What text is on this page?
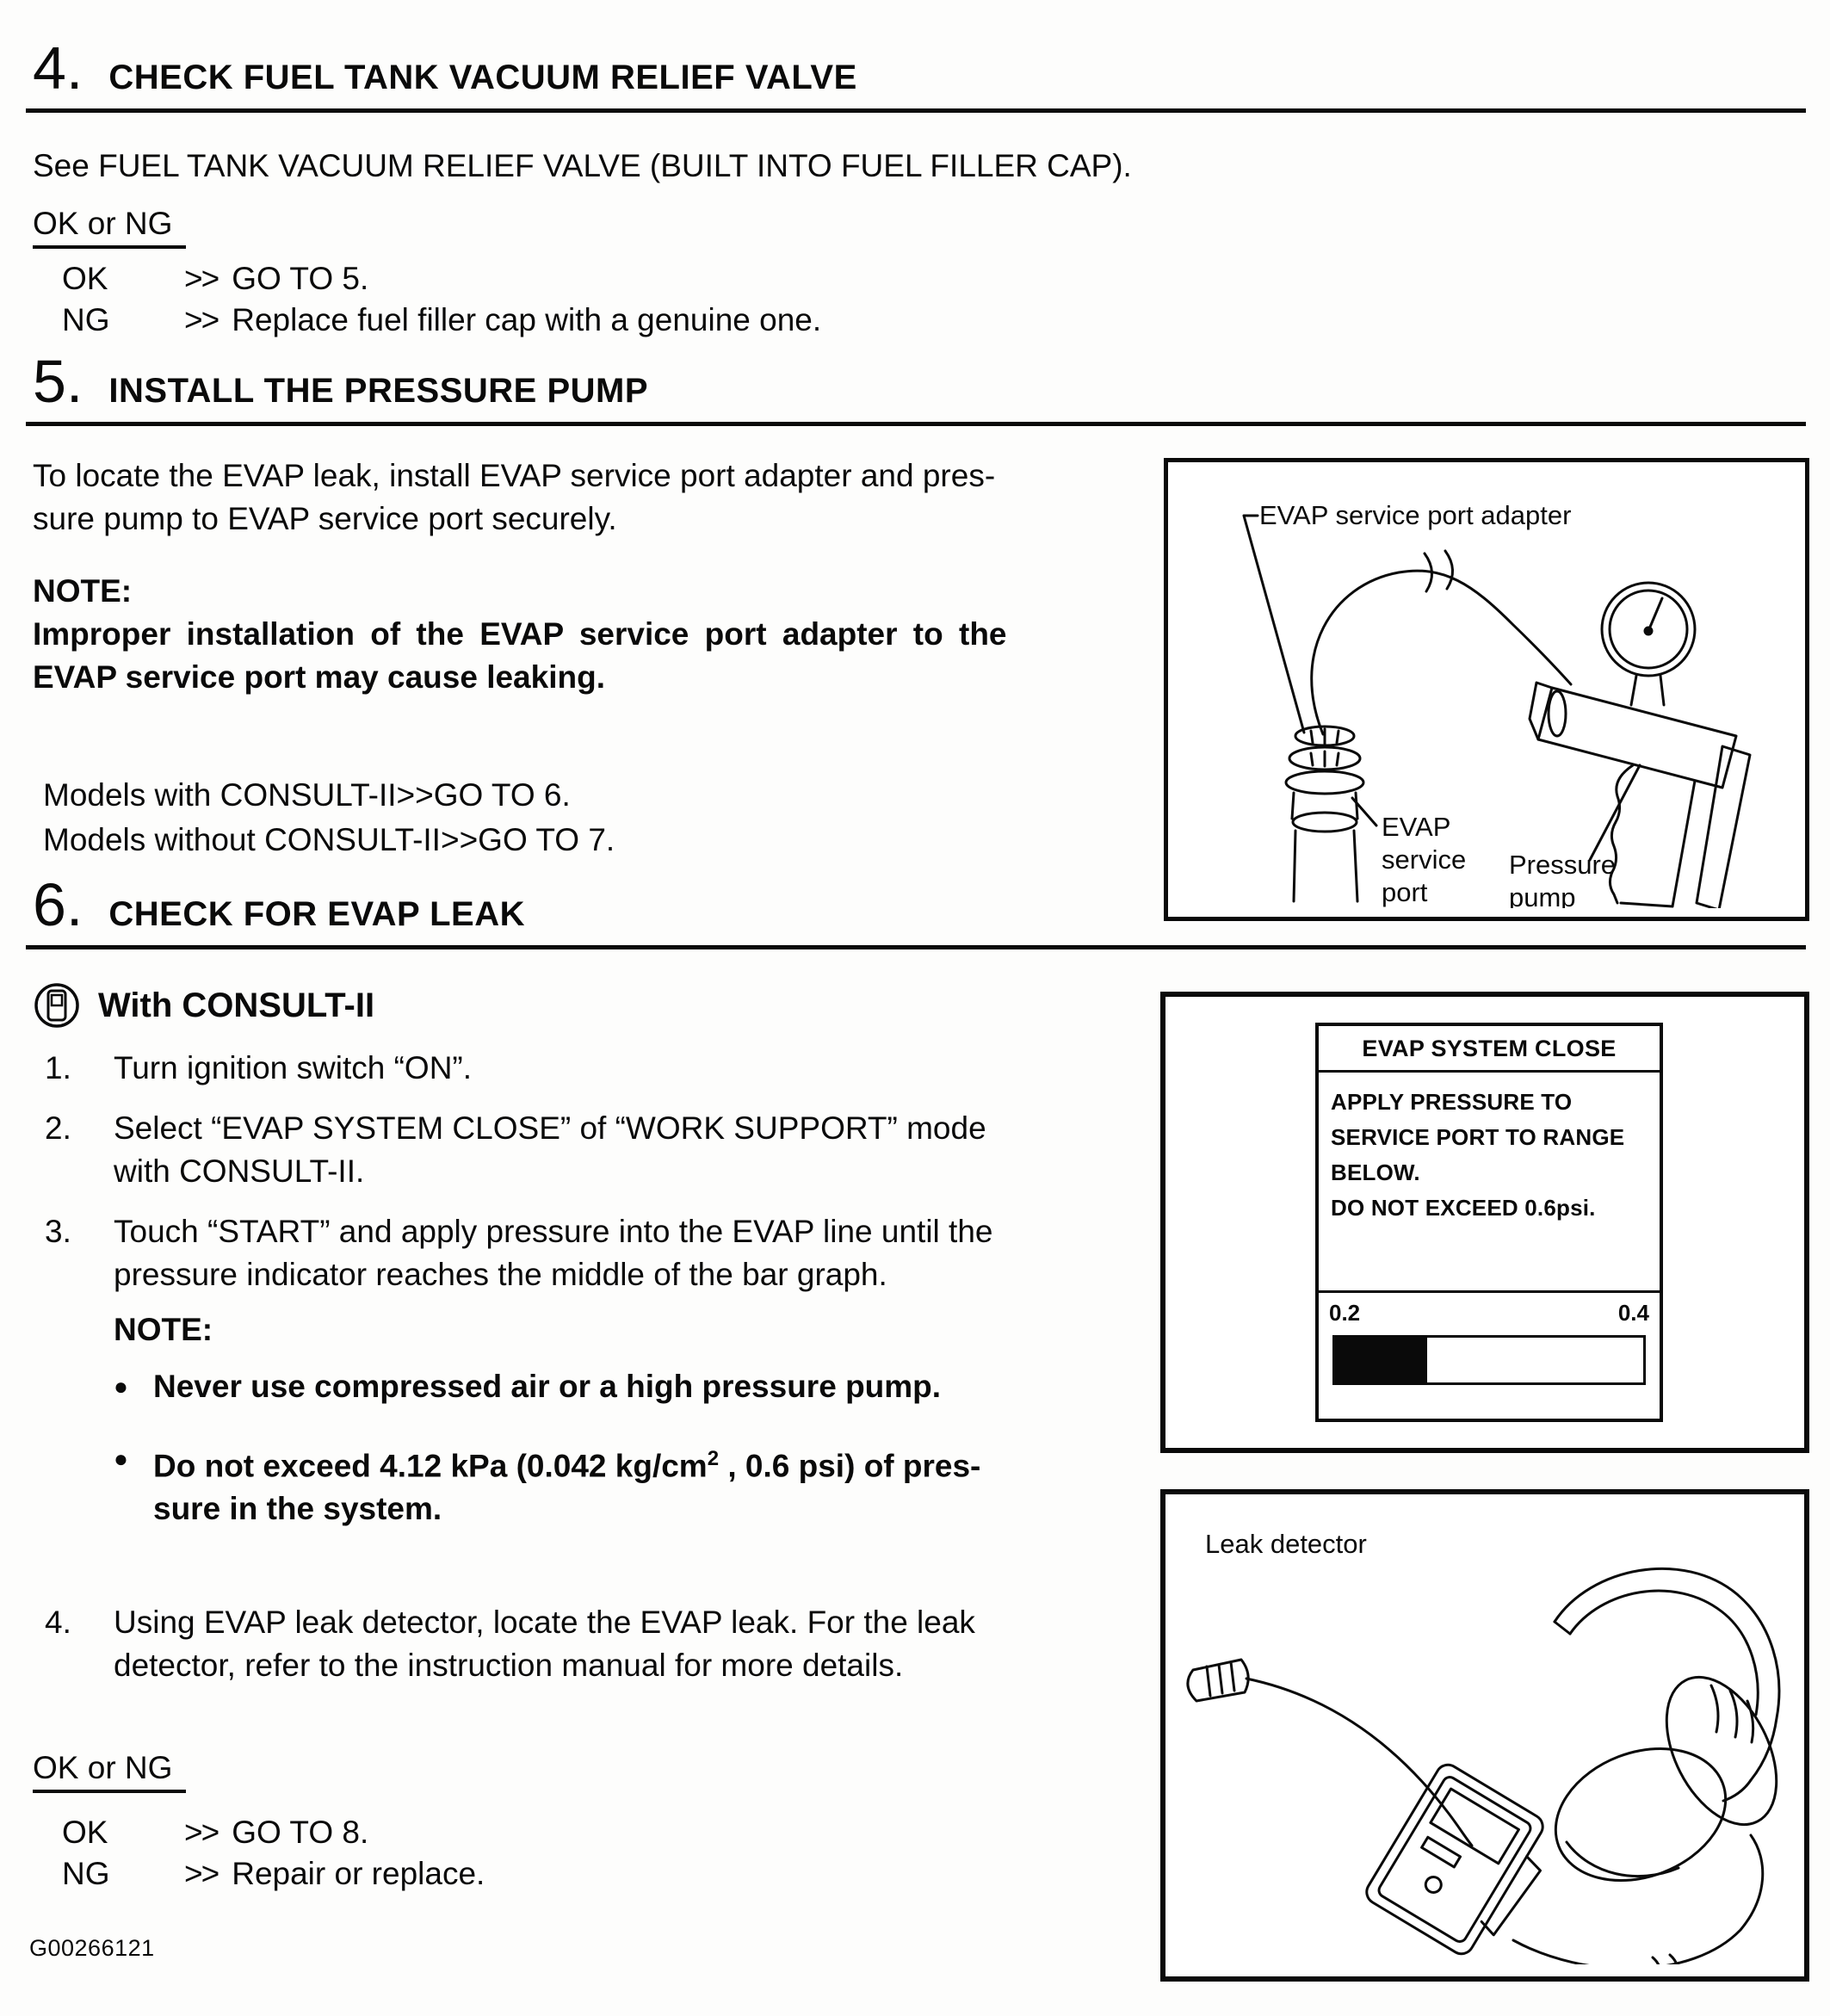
4. CHECK FUEL TANK VACUUM RELIEF VALVE
See FUEL TANK VACUUM RELIEF VALVE (BUILT INTO FUEL FILLER CAP).
OK or NG
OK	>> GO TO 5.
NG	>> Replace fuel filler cap with a genuine one.
5. INSTALL THE PRESSURE PUMP
To locate the EVAP leak, install EVAP service port adapter and pres-
sure pump to EVAP service port securely.
NOTE:
Improper installation of the EVAP service port adapter to the
EVAP service port may cause leaking.
Models with CONSULT-II>>GO TO 6.
Models without CONSULT-II>>GO TO 7.
EVAP service port adapter
EVAP
service
port
Pressure
pump
6. CHECK FOR EVAP LEAK
With CONSULT-II
1.	Turn ignition switch “ON”.
2.	Select “EVAP SYSTEM CLOSE” of “WORK SUPPORT” mode
with CONSULT-II.
3.	Touch “START” and apply pressure into the EVAP line until the
pressure indicator reaches the middle of the bar graph.
NOTE:
● Never use compressed air or a high pressure pump.
● Do not exceed 4.12 kPa (0.042 $kg/cm^2$ , 0.6 psi) of pres-
sure in the system.
4.	Using EVAP leak detector, locate the EVAP leak. For the leak
detector, refer to the instruction manual for more details.
OK or NG
OK	>> GO TO 8.
NG	>> Repair or replace.
EVAP SYSTEM CLOSE
APPLY PRESSURE TO
SERVICE PORT TO RANGE
BELOW.
DO NOT EXCEED 0.6psi.
0.2	0.4
Leak detector
G00266121
